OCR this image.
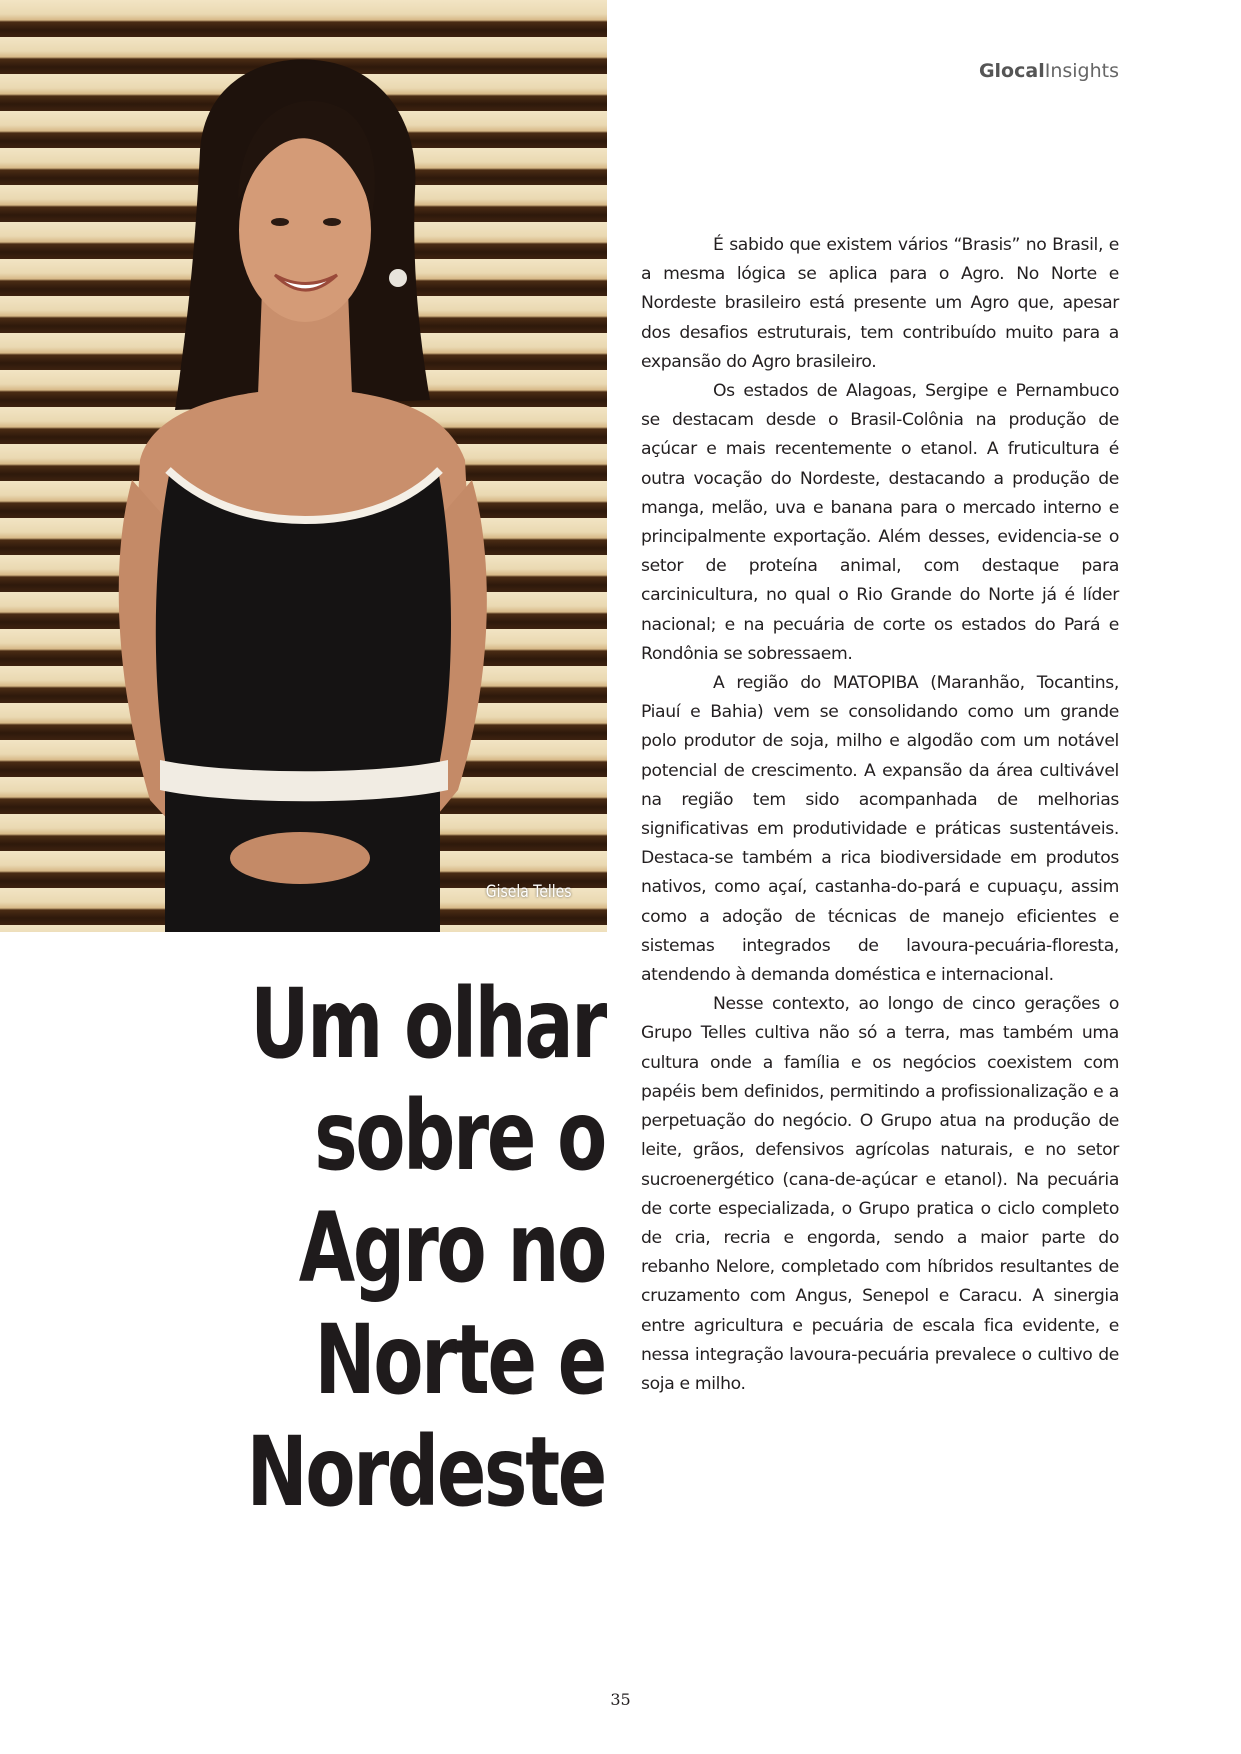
Gisela Telles
GlocalInsights
Um olhar
sobre o
Agro no
Norte e
Nordeste

É sabido que existem vários “Brasis” no Brasil, e a mesma lógica se aplica para o Agro. No Norte e Nordeste brasileiro está presente um Agro que, apesar dos desafios estruturais, tem contribuído muito para a expansão do Agro brasileiro.

Os estados de Alagoas, Sergipe e Pernambuco se destacam desde o Brasil-Colônia na produção de açúcar e mais recentemente o etanol. A fruticultura é outra vocação do Nordeste, destacando a produção de manga, melão, uva e banana para o mercado interno e principalmente exportação. Além desses, evidencia-se o setor de proteína animal, com destaque para carcinicultura, no qual o Rio Grande do Norte já é líder nacional; e na pecuária de corte os estados do Pará e Rondônia se sobressaem.

A região do MATOPIBA (Maranhão, Tocantins, Piauí e Bahia) vem se consolidando como um grande polo produtor de soja, milho e algodão com um notável potencial de crescimento. A expansão da área cultivável na região tem sido acompanhada de melhorias significativas em produtividade e práticas sustentáveis. Destaca-se também a rica biodiversidade em produtos nativos, como açaí, castanha-do-pará e cupuaçu, assim como a adoção de técnicas de manejo eficientes e sistemas integrados de lavoura-pecuária-floresta, atendendo à demanda doméstica e internacional.

Nesse contexto, ao longo de cinco gerações o Grupo Telles cultiva não só a terra, mas também uma cultura onde a família e os negócios coexistem com papéis bem definidos, permitindo a profissionalização e a perpetuação do negócio. O Grupo atua na produção de leite, grãos, defensivos agrícolas naturais, e no setor sucroenergético (cana-de-açúcar e etanol). Na pecuária de corte especializada, o Grupo pratica o ciclo completo de cria, recria e engorda, sendo a maior parte do rebanho Nelore, completado com híbridos resultantes de cruzamento com Angus, Senepol e Caracu. A sinergia entre agricultura e pecuária de escala fica evidente, e nessa integração lavoura-pecuária prevalece o cultivo de soja e milho.

35
